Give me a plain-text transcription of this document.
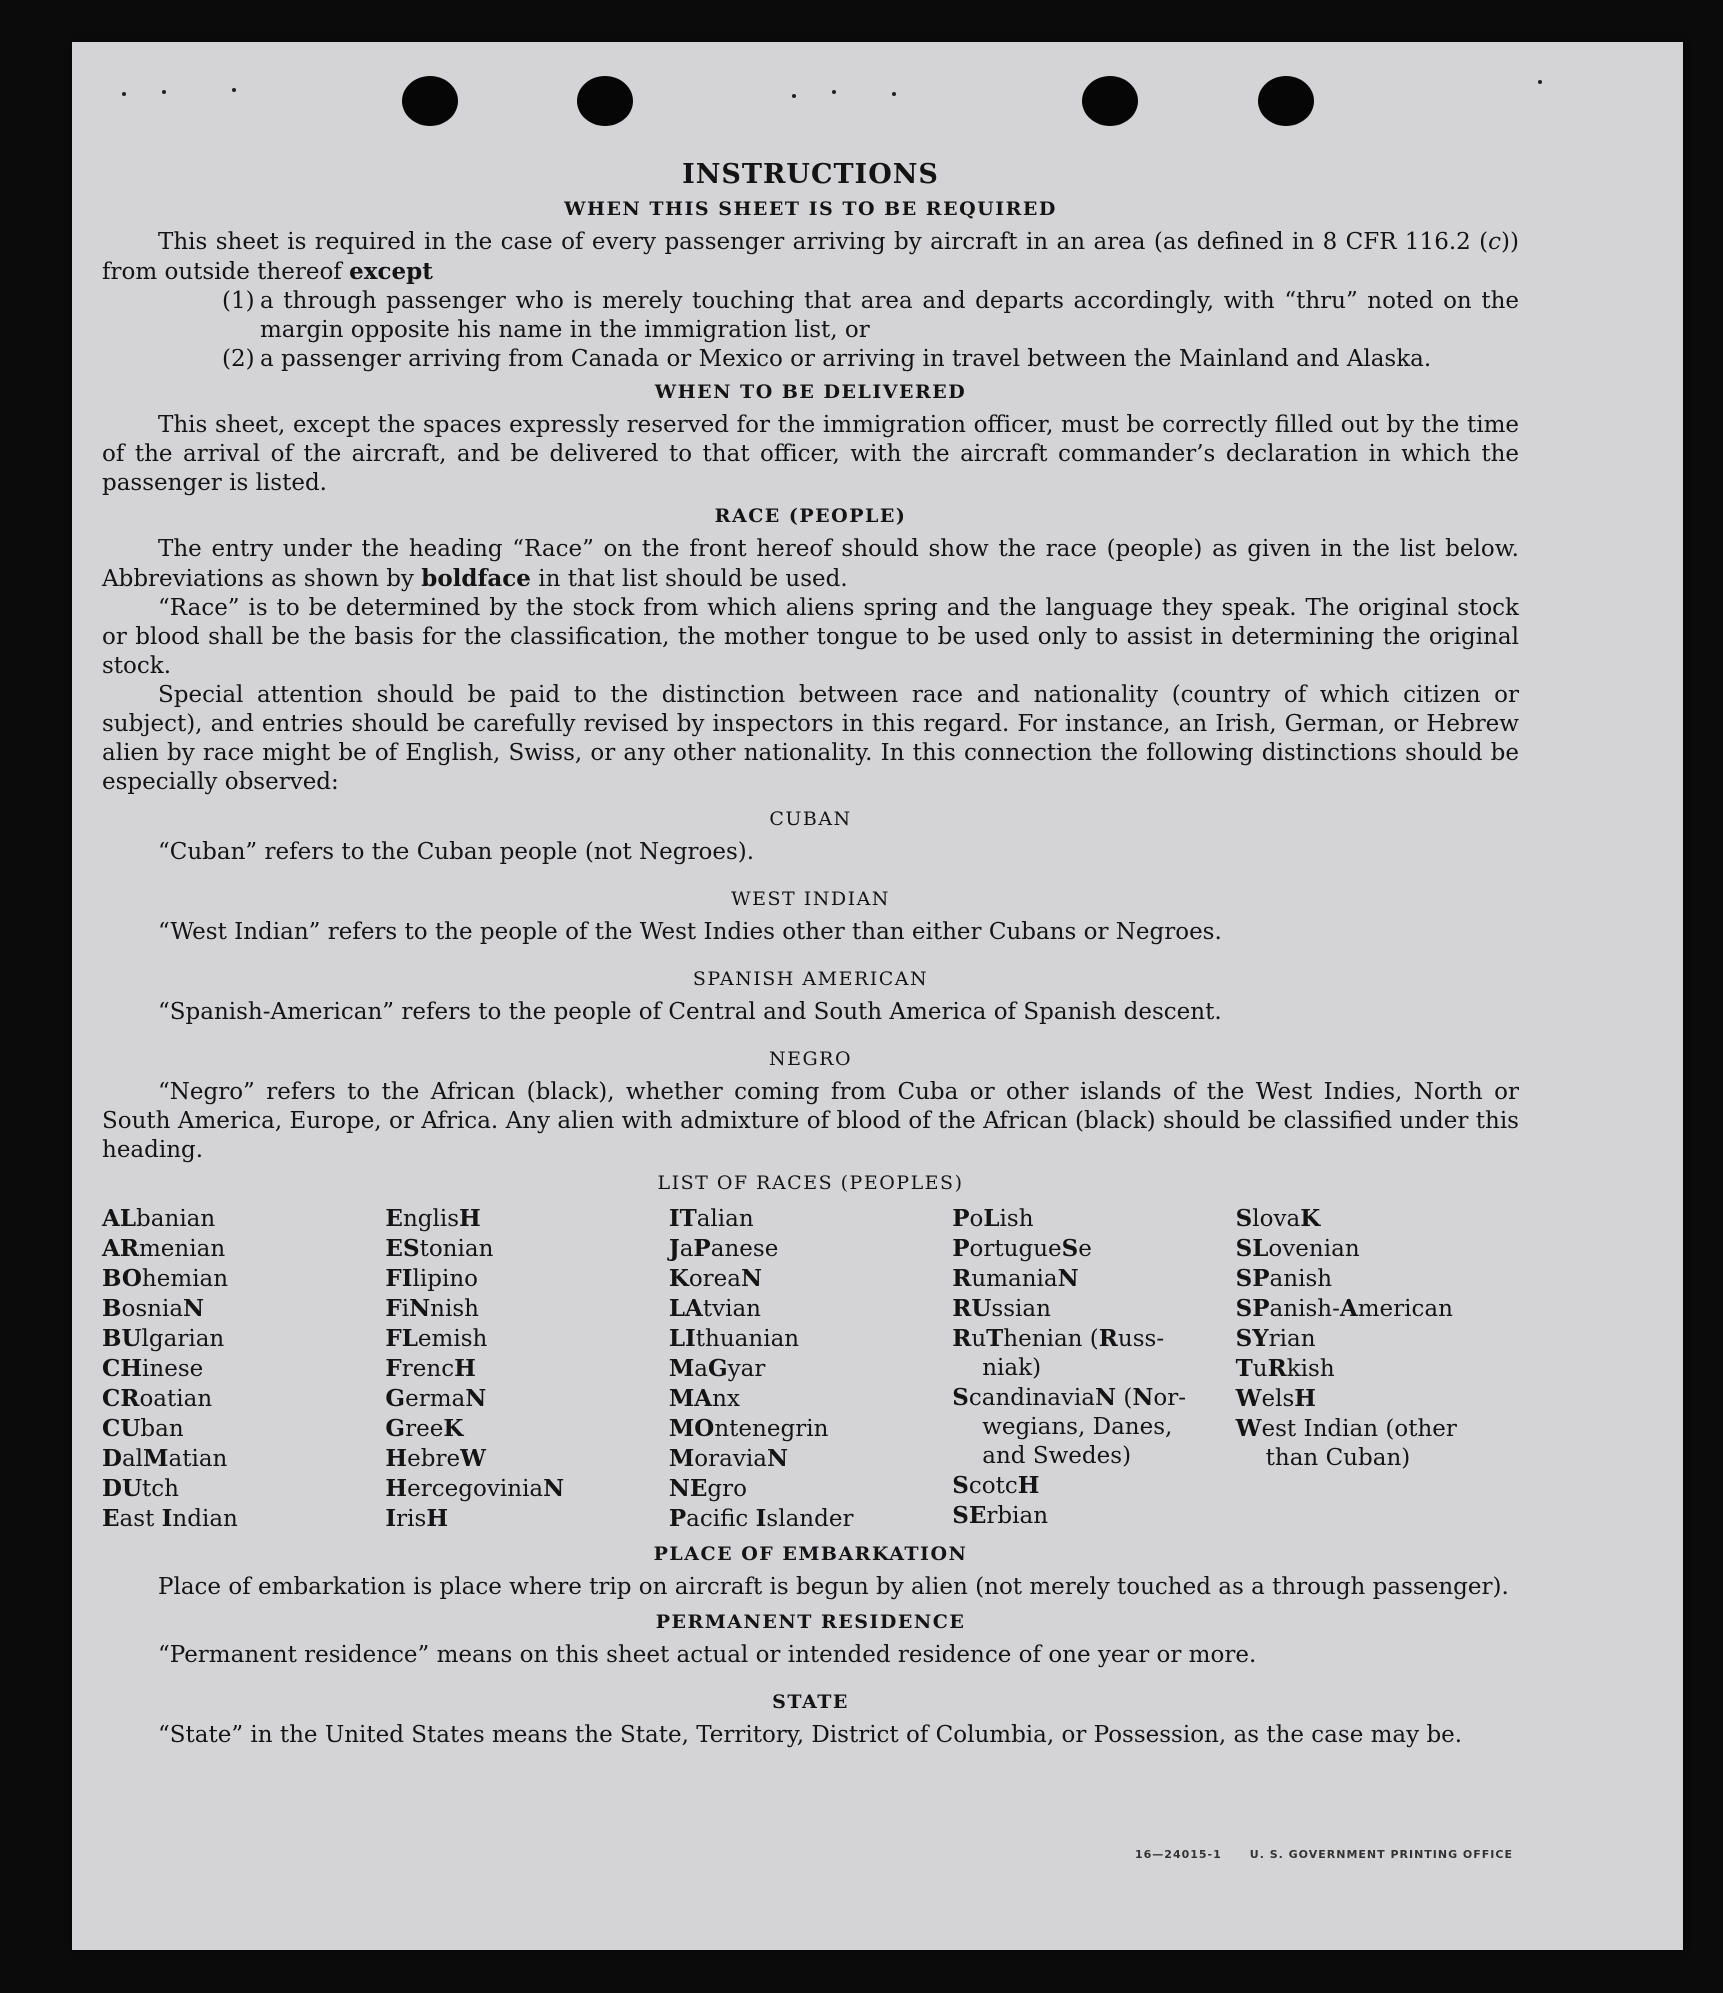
INSTRUCTIONS
WHEN THIS SHEET IS TO BE REQUIRED

This sheet is required in the case of every passenger arriving by aircraft in an area (as defined in 8 CFR 116.2 (c)) from outside thereof except

(1) a through passenger who is merely touching that area and departs accordingly, with “thru” noted on the margin opposite his name in the immigration list, or
(2) a passenger arriving from Canada or Mexico or arriving in travel between the Mainland and Alaska.
WHEN TO BE DELIVERED

This sheet, except the spaces expressly reserved for the immigration officer, must be correctly filled out by the time of the arrival of the aircraft, and be delivered to that officer, with the aircraft commander’s declaration in which the passenger is listed.

RACE (PEOPLE)

The entry under the heading “Race” on the front hereof should show the race (people) as given in the list below. Abbreviations as shown by boldface in that list should be used.

“Race” is to be determined by the stock from which aliens spring and the language they speak. The original stock or blood shall be the basis for the classification, the mother tongue to be used only to assist in determining the original stock.

Special attention should be paid to the distinction between race and nationality (country of which citizen or subject), and entries should be carefully revised by inspectors in this regard. For instance, an Irish, German, or Hebrew alien by race might be of English, Swiss, or any other nationality. In this connection the following distinctions should be especially observed:

CUBAN

“Cuban” refers to the Cuban people (not Negroes).

WEST INDIAN

“West Indian” refers to the people of the West Indies other than either Cubans or Negroes.

SPANISH AMERICAN

“Spanish-American” refers to the people of Central and South America of Spanish descent.

NEGRO

“Negro” refers to the African (black), whether coming from Cuba or other islands of the West Indies, North or South America, Europe, or Africa. Any alien with admixture of blood of the African (black) should be classified under this heading.

LIST OF RACES (PEOPLES)
ALbanian
ARmenian
BOhemian
BosniaN
BUlgarian
CHinese
CRoatian
CUban
DalMatian
DUtch
East Indian
EnglisH
EStonian
FIlipino
FiNnish
FLemish
FrencH
GermaN
GreeK
HebreW
HercegoviniaN
IrisH
ITalian
JaPanese
KoreaN
LAtvian
LIthuanian
MaGyar
MAnx
MOntenegrin
MoraviaN
NEgro
Pacifc Islander
PoLish
PortugueSe
RumaniaN
RUssian
RuThenian (Russ-
niak)
ScandinaviaN (Nor-
wegians, Danes,
and Swedes)
ScotcH
SErbian
SlovaK
SLovenian
SPanish
SPanish-American
SYrian
TuRkish
WelsH
West Indian (other
than Cuban)
PLACE OF EMBARKATION

Place of embarkation is place where trip on aircraft is begun by alien (not merely touched as a through passenger).

PERMANENT RESIDENCE

“Permanent residence” means on this sheet actual or intended residence of one year or more.

STATE

“State” in the United States means the State, Territory, District of Columbia, or Possession, as the case may be.

16—24015-1	U. S. GOVERNMENT PRINTING OFFICE
